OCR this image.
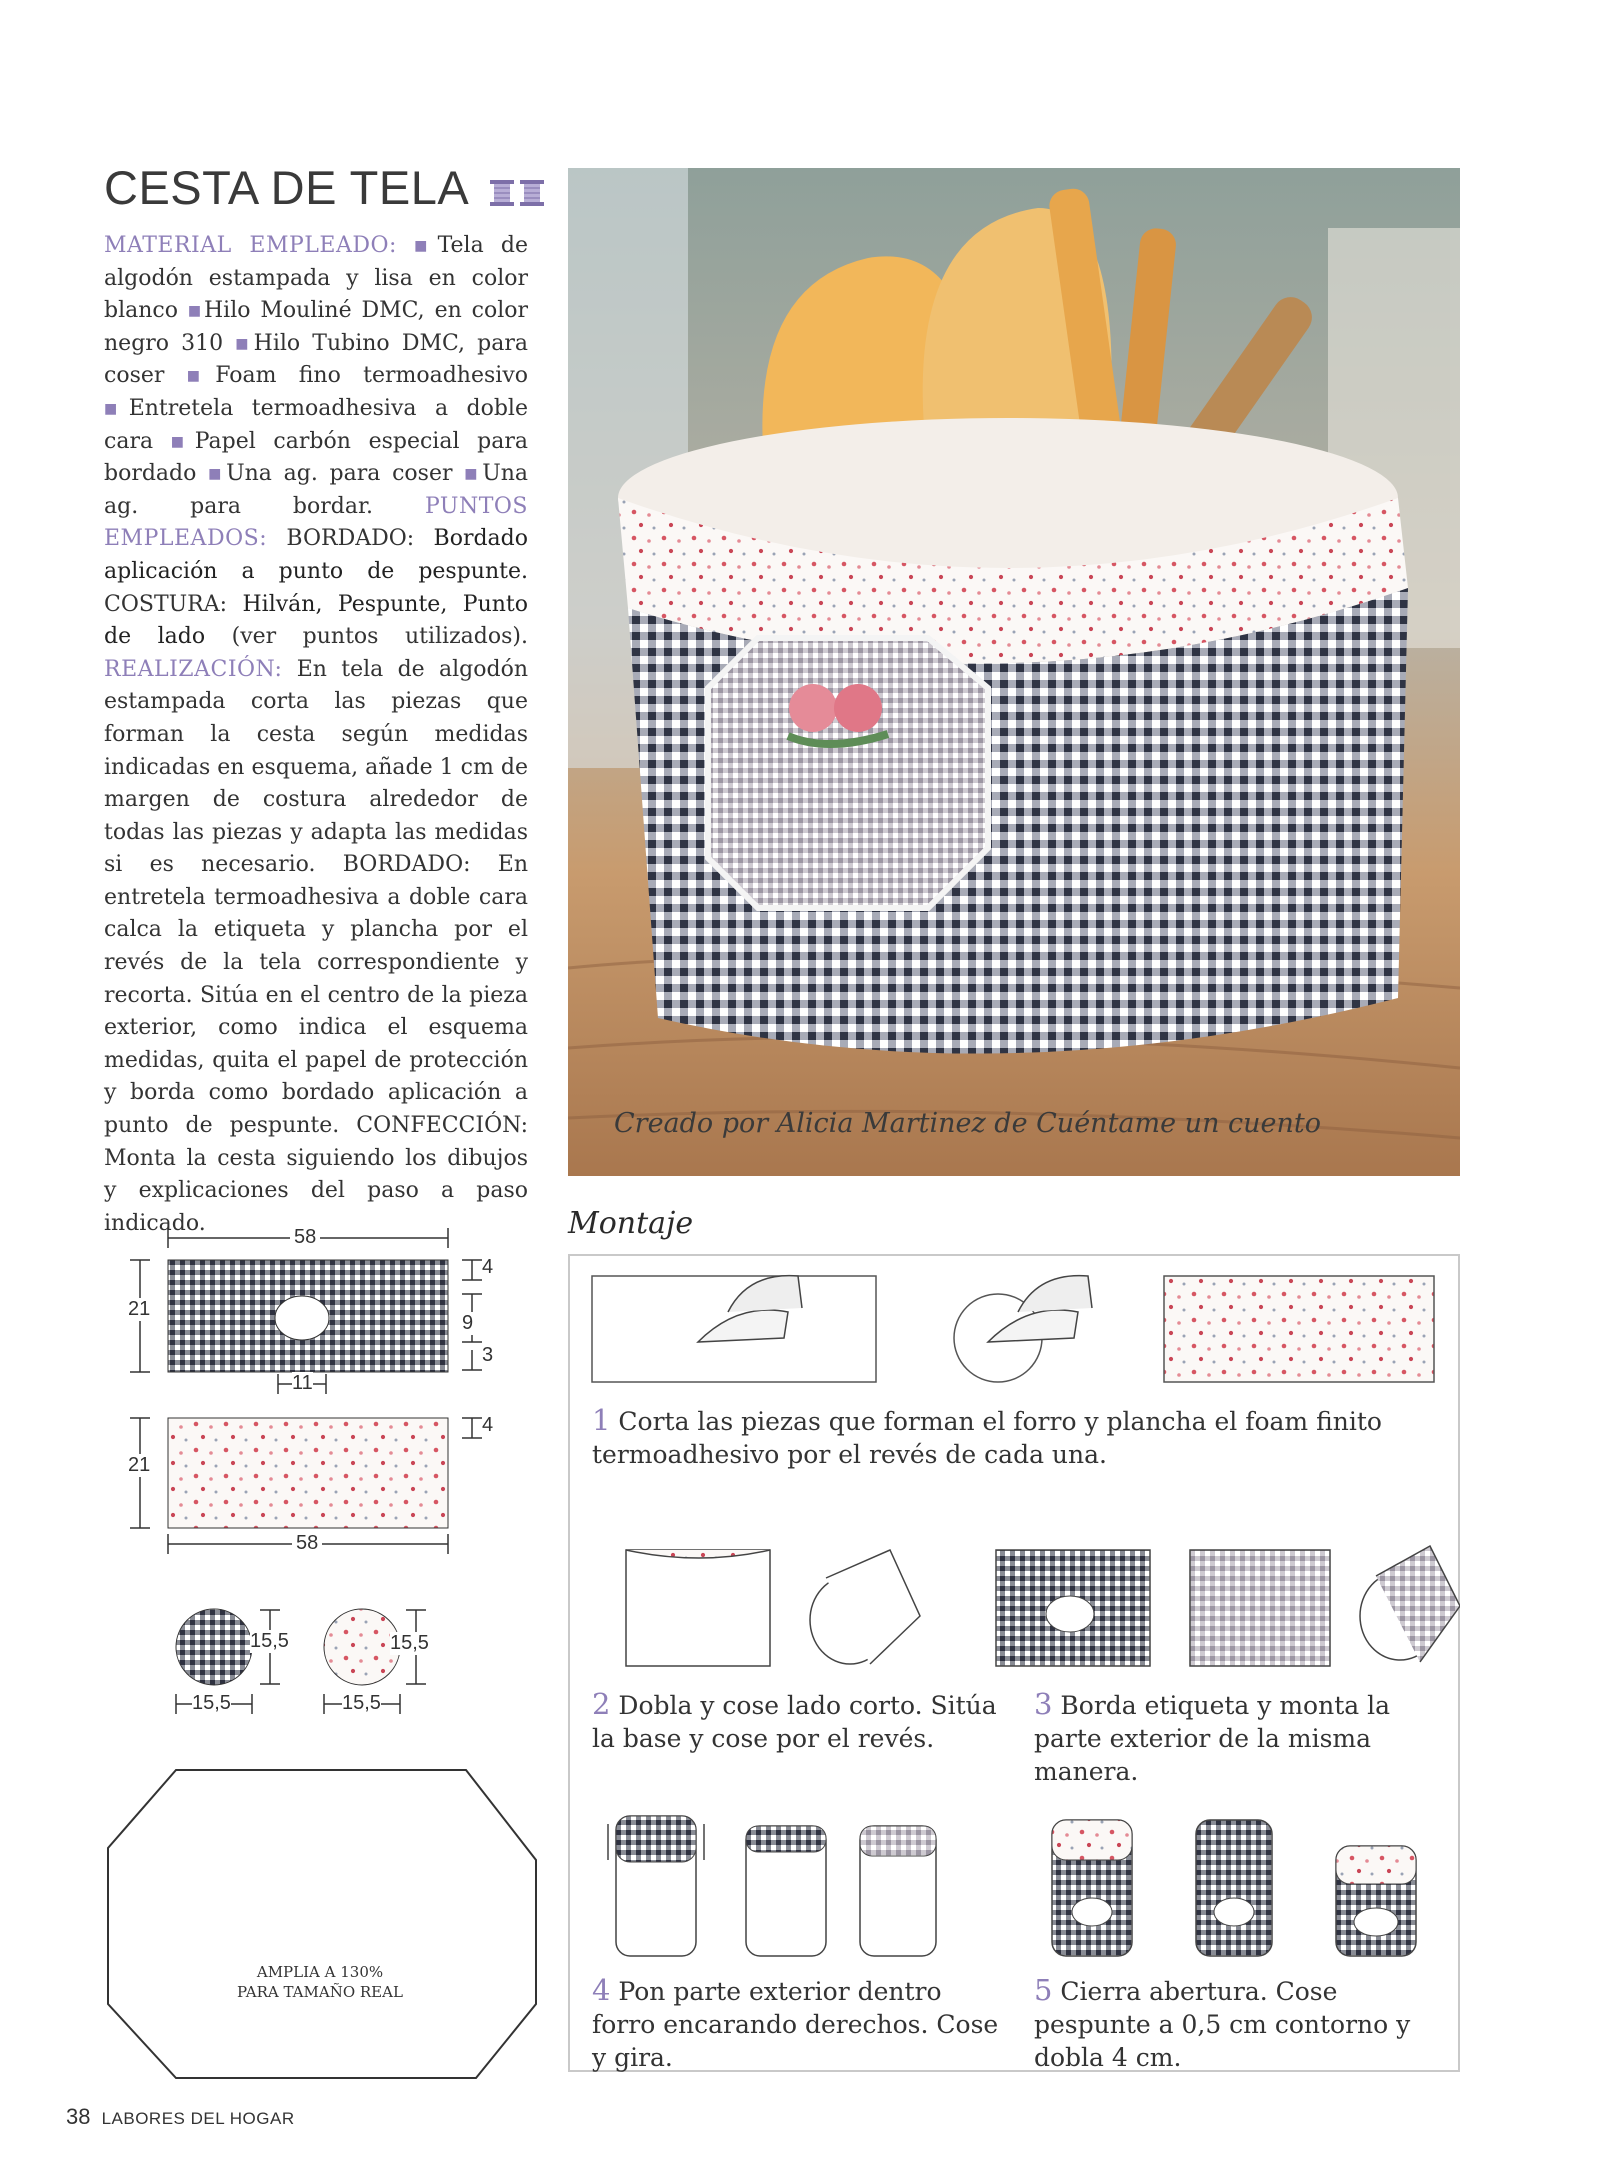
CESTA DE TELA
MATERIAL EMPLEADO: ■Tela de algodón estampada y lisa en color blanco ■Hilo Mouliné DMC, en color negro 310 ■Hilo Tubino DMC, para coser ■Foam fino termoadhesivo ■Entretela termoadhesiva a doble cara ■Papel carbón especial para bordado ■Una ag. para coser ■Una ag. para bordar. PUNTOS EMPLEADOS: BORDADO: Bordado aplicación a punto de pespunte. COSTURA: Hilván, Pespunte, Punto de lado (ver puntos utilizados). REALIZACIÓN: En tela de algodón estampada corta las piezas que forman la cesta según medidas indicadas en esquema, añade 1 cm de margen de costura alrededor de todas las piezas y adapta las medidas si es necesario. BORDADO: En entretela termoadhesiva a doble cara calca la etiqueta y plancha por el revés de la tela correspondiente y recorta. Sitúa en el centro de la pieza exterior, como indica el esquema medidas, quita el papel de protección y borda como bordado aplicación a punto de pespunte. CONFECCIÓN: Monta la cesta siguiendo los dibujos y explicaciones del paso a paso indicado.
Creado por Alicia Martinez de Cuéntame un cuento
58
21
4
9
3
11
21
4
58
15,5	15,5
15,5	15,5
AMPLIA A 130%
PARA TAMAÑO REAL
Montaje
1 Corta las piezas que forman el forro y plancha el foam finito termoadhesivo por el revés de cada una.
2 Dobla y cose lado corto. Sitúa la base y cose por el revés.
3 Borda etiqueta y monta la parte exterior de la misma manera.
4 Pon parte exterior dentro forro encarando derechos. Cose y gira.
5 Cierra abertura. Cose pespunte a 0,5 cm contorno y dobla 4 cm.
38 LABORES DEL HOGAR
